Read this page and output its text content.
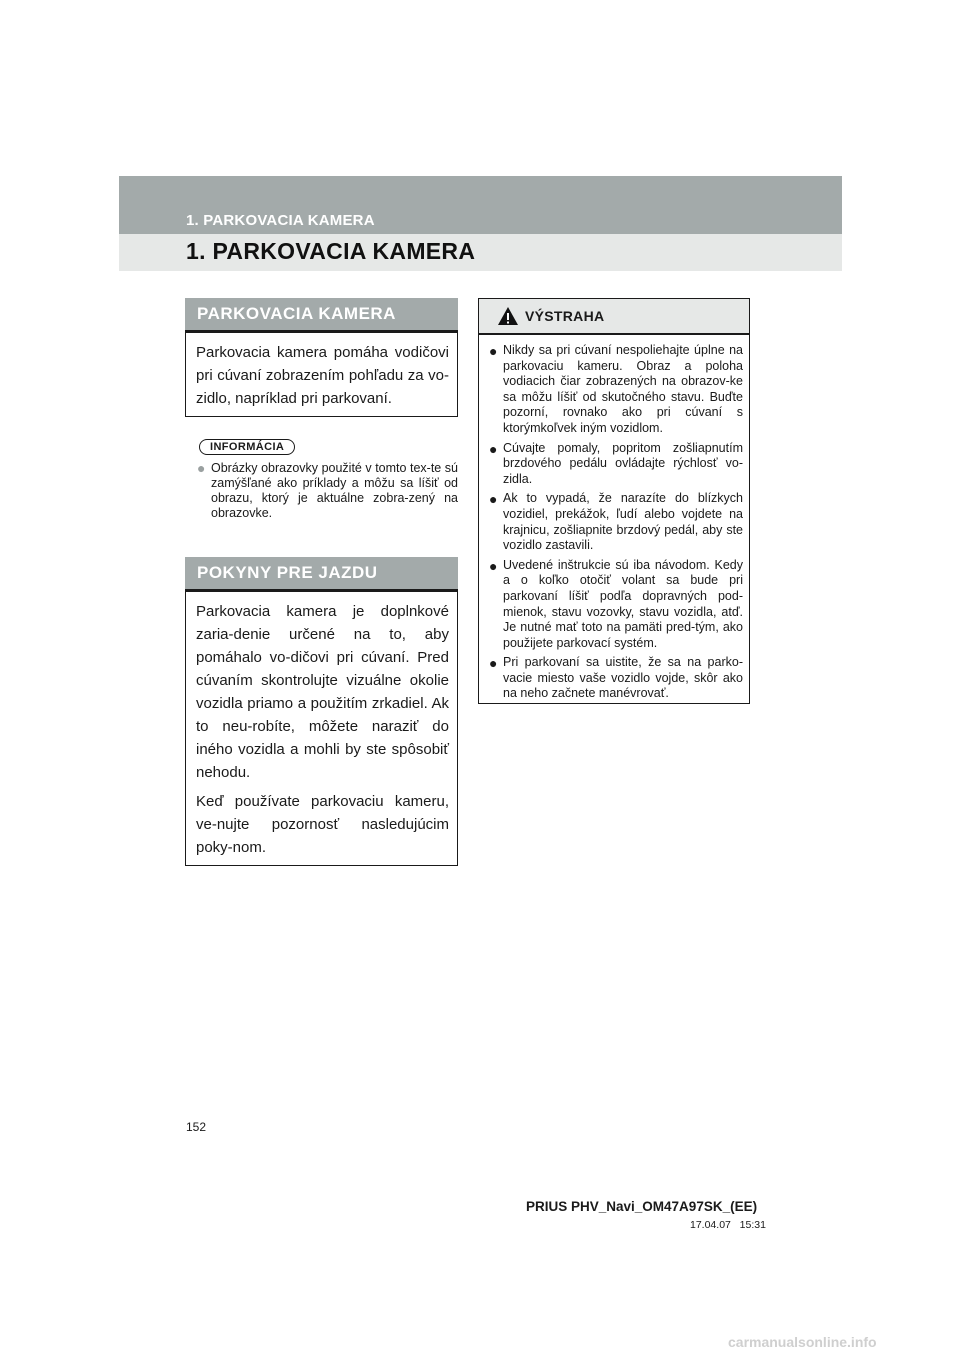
1. PARKOVACIA KAMERA
1. PARKOVACIA KAMERA
PARKOVACIA KAMERA

Parkovacia kamera pomáha vodičovi pri cúvaní zobrazením pohľadu za vo-zidlo, napríklad pri parkovaní.

INFORMÁCIA
● Obrázky obrazovky použité v tomto tex-te sú zamýšľané ako príklady a môžu sa líšiť od obrazu, ktorý je aktuálne zobra-zený na obrazovke.
POKYNY PRE JAZDU

Parkovacia kamera je doplnkové zaria-denie určené na to, aby pomáhalo vo-dičovi pri cúvaní. Pred cúvaním skontrolujte vizuálne okolie vozidla priamo a použitím zrkadiel. Ak to neu-robíte, môžete naraziť do iného vozidla a mohli by ste spôsobiť nehodu.

Keď používate parkovaciu kameru, ve-nujte pozornosť nasledujúcim poky-nom.

VÝSTRAHA
● Nikdy sa pri cúvaní nespoliehajte úplne na parkovaciu kameru. Obraz a poloha vodiacich čiar zobrazených na obrazov-ke sa môžu líšiť od skutočného stavu. Buďte pozorní, rovnako ako pri cúvaní s ktorýmkoľvek iným vozidlom.
● Cúvajte pomaly, popritom zošliapnutím brzdového pedálu ovládajte rýchlosť vo-zidla.
● Ak to vypadá, že narazíte do blízkych vozidiel, prekážok, ľudí alebo vojdete na krajnicu, zošliapnite brzdový pedál, aby ste vozidlo zastavili.
● Uvedené inštrukcie sú iba návodom. Kedy a o koľko otočiť volant sa bude pri parkovaní líšiť podľa dopravných pod-mienok, stavu vozovky, stavu vozidla, atď. Je nutné mať toto na pamäti pred-tým, ako použijete parkovací systém.
● Pri parkovaní sa uistite, že sa na parko-vacie miesto vaše vozidlo vojde, skôr ako na neho začnete manévrovať.
152
PRIUS PHV_Navi_OM47A97SK_(EE)
17.04.07 15:31
carmanualsonline.info
